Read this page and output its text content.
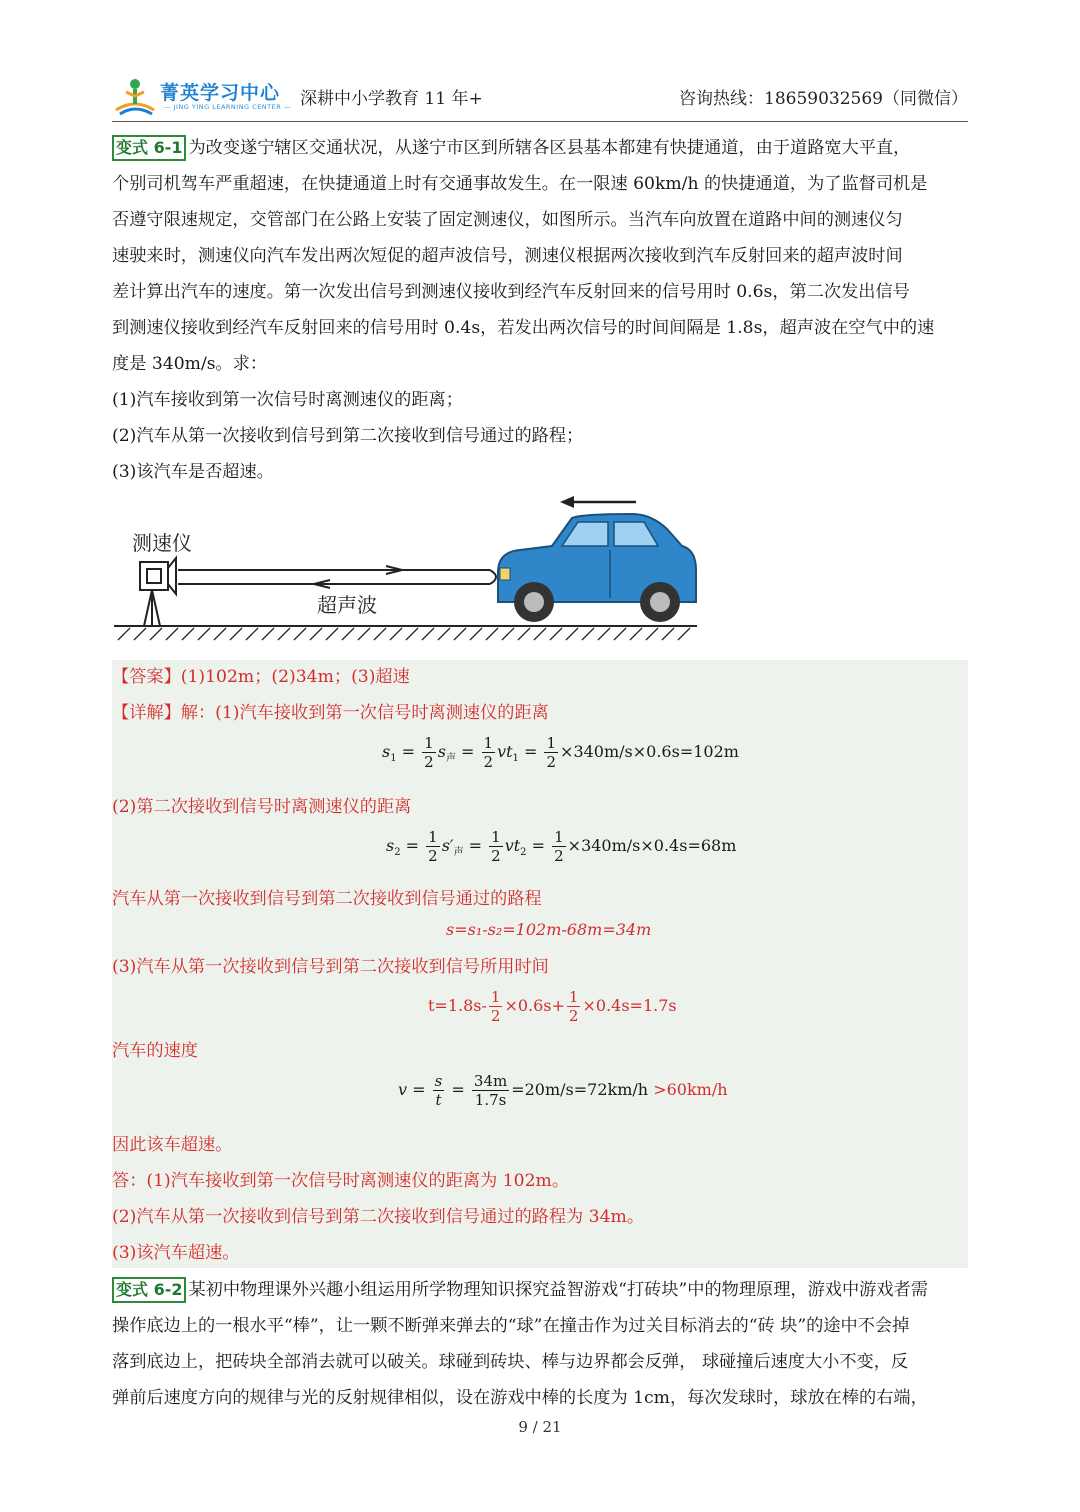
菁英学习中心
— JING YING LEARNING CENTER — 深耕中小学教育 11 年+	咨询热线：18659032569（同微信）

变式 6-1 为改变遂宁辖区交通状况，从遂宁市区到所辖各区县基本都建有快捷通道，由于道路宽大平直，

个别司机驾车严重超速，在快捷通道上时有交通事故发生。在一限速 60km/h 的快捷通道，为了监督司机是

否遵守限速规定，交管部门在公路上安装了固定测速仪，如图所示。当汽车向放置在道路中间的测速仪匀

速驶来时，测速仪向汽车发出两次短促的超声波信号，测速仪根据两次接收到汽车反射回来的超声波时间

差计算出汽车的速度。第一次发出信号到测速仪接收到经汽车反射回来的信号用时 0.6s，第二次发出信号

到测速仪接收到经汽车反射回来的信号用时 0.4s，若发出两次信号的时间间隔是 1.8s，超声波在空气中的速

度是 340m/s。求：

(1)汽车接收到第一次信号时离测速仪的距离；

(2)汽车从第一次接收到信号到第二次接收到信号通过的路程；

(3)该汽车是否超速。

测速仪
超声波
【答案】(1)102m；(2)34m；(3)超速
【详解】解：(1)汽车接收到第一次信号时离测速仪的距离
$s_1 = \frac{1}{2} s_声 = \frac{1}{2} vt_1 = \frac{1}{2} \times 340m/s\times 0.6s=102m$
(2)第二次接收到信号时离测速仪的距离
$s_2 = \frac{1}{2} s'_声 = \frac{1}{2} vt_2 = \frac{1}{2} \times 340m/s\times 0.4s=68m$
汽车从第一次接收到信号到第二次接收到信号通过的路程
s=s₁-s₂=102m-68m=34m
(3)汽车从第一次接收到信号到第二次接收到信号所用时间
$t=1.8s- \frac{1}{2} \times 0.6s+ \frac{1}{2} \times 0.4s=1.7s$
汽车的速度
$v = \frac{s}{t} = \frac{34m}{1.7s} =20m/s=72km/h >60km/h$
因此该车超速。
答：(1)汽车接收到第一次信号时离测速仪的距离为 102m。
(2)汽车从第一次接收到信号到第二次接收到信号通过的路程为 34m。
(3)该汽车超速。

变式 6-2 某初中物理课外兴趣小组运用所学物理知识探究益智游戏“打砖块”中的物理原理，游戏中游戏者需

操作底边上的一根水平“棒”，让一颗不断弹来弹去的“球”在撞击作为过关目标消去的“砖 块”的途中不会掉

落到底边上，把砖块全部消去就可以破关。球碰到砖块、棒与边界都会反弹， 球碰撞后速度大小不变，反

弹前后速度方向的规律与光的反射规律相似，设在游戏中棒的长度为 1cm，每次发球时，球放在棒的右端，

9 / 21
